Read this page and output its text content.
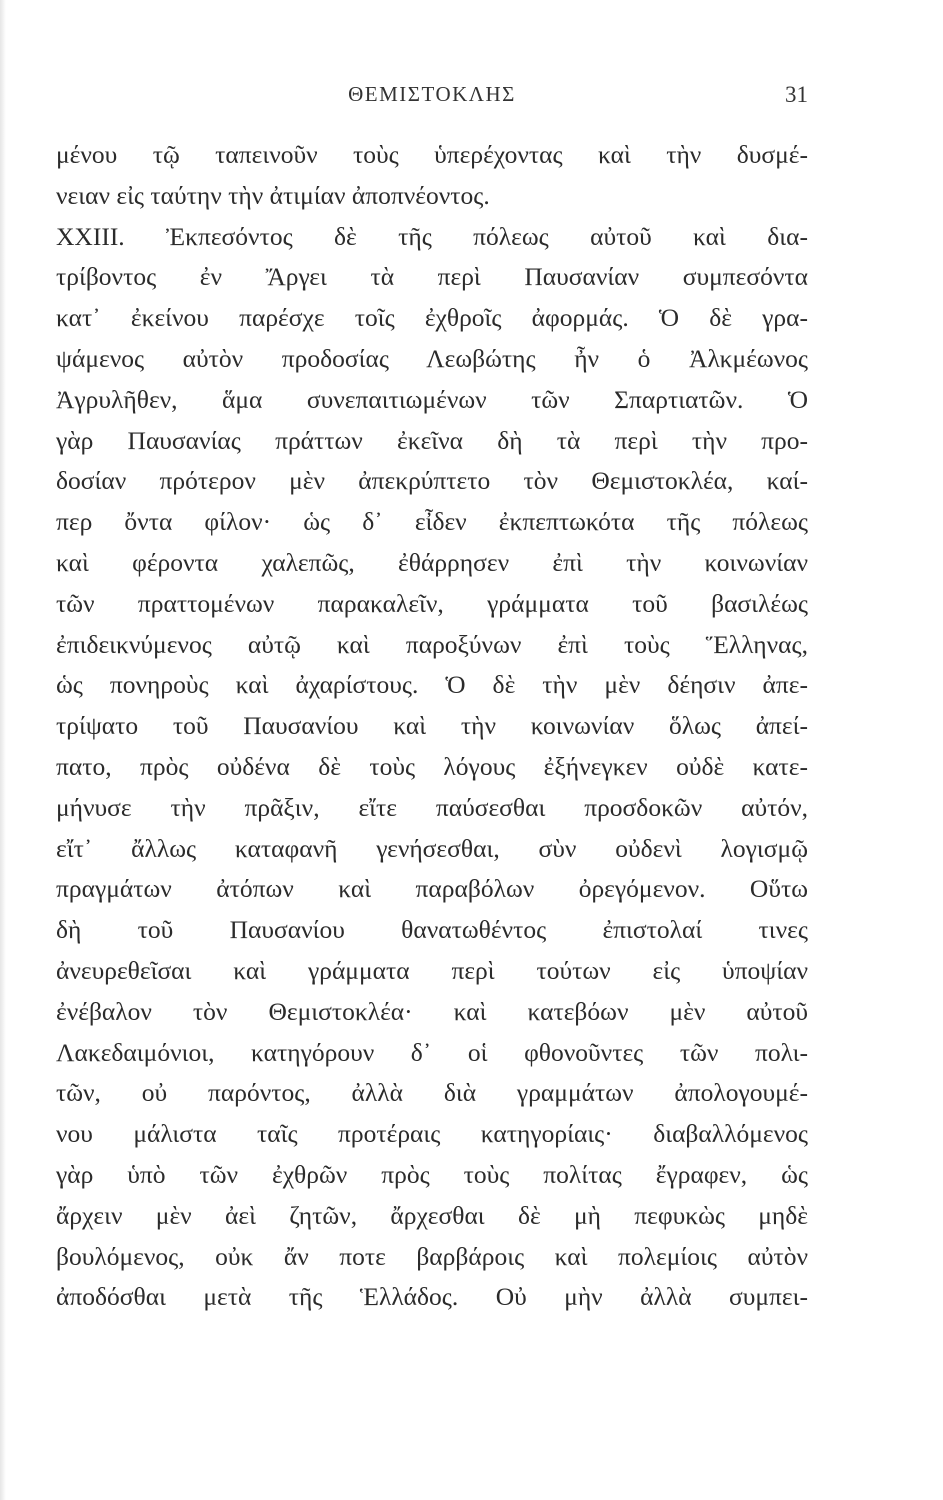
ΘΕΜΙΣΤΟΚΛΗΣ	31
μένου τῷ ταπεινοῦν τοὺς ὑπερέχοντας καὶ τὴν δυσμέ-
νειαν εἰς ταύτην τὴν ἀτιμίαν ἀποπνέοντος.
XXIII. Ἐκπεσόντος δὲ τῆς πόλεως αὐτοῦ καὶ δια-
τρίβοντος ἐν Ἄργει τὰ περὶ Παυσανίαν συμπεσόντα
κατ᾽ ἐκείνου παρέσχε τοῖς ἐχθροῖς ἀφορμάς. Ὁ δὲ γρα-
ψάμενος αὐτὸν προδοσίας Λεωβώτης ἦν ὁ Ἀλκμέωνος
Ἀγρυλῆθεν, ἅμα συνεπαιτιωμένων τῶν Σπαρτιατῶν. Ὁ
γὰρ Παυσανίας πράττων ἐκεῖνα δὴ τὰ περὶ τὴν προ-
δοσίαν πρότερον μὲν ἀπεκρύπτετο τὸν Θεμιστοκλέα, καί-
περ ὄντα φίλον· ὡς δ᾽ εἶδεν ἐκπεπτωκότα τῆς πόλεως
καὶ φέροντα χαλεπῶς, ἐθάρρησεν ἐπὶ τὴν κοινωνίαν
τῶν πραττομένων παρακαλεῖν, γράμματα τοῦ βασιλέως
ἐπιδεικνύμενος αὐτῷ καὶ παροξύνων ἐπὶ τοὺς Ἕλληνας,
ὡς πονηροὺς καὶ ἀχαρίστους. Ὁ δὲ τὴν μὲν δέησιν ἀπε-
τρίψατο τοῦ Παυσανίου καὶ τὴν κοινωνίαν ὅλως ἀπεί-
πατο, πρὸς οὐδένα δὲ τοὺς λόγους ἐξήνεγκεν οὐδὲ κατε-
μήνυσε τὴν πρᾶξιν, εἴτε παύσεσθαι προσδοκῶν αὐτόν,
εἴτ᾽ ἄλλως καταφανῆ γενήσεσθαι, σὺν οὐδενὶ λογισμῷ
πραγμάτων ἀτόπων καὶ παραβόλων ὀρεγόμενον. Οὕτω
δὴ τοῦ Παυσανίου θανατωθέντος ἐπιστολαί τινες
ἀνευρεθεῖσαι καὶ γράμματα περὶ τούτων εἰς ὑποψίαν
ἐνέβαλον τὸν Θεμιστοκλέα· καὶ κατεβόων μὲν αὐτοῦ
Λακεδαιμόνιοι, κατηγόρουν δ᾽ οἱ φθονοῦντες τῶν πολι-
τῶν, οὐ παρόντος, ἀλλὰ διὰ γραμμάτων ἀπολογουμέ-
νου μάλιστα ταῖς προτέραις κατηγορίαις· διαβαλλόμενος
γὰρ ὑπὸ τῶν ἐχθρῶν πρὸς τοὺς πολίτας ἔγραφεν, ὡς
ἄρχειν μὲν ἀεὶ ζητῶν, ἄρχεσθαι δὲ μὴ πεφυκὼς μηδὲ
βουλόμενος, οὐκ ἄν ποτε βαρβάροις καὶ πολεμίοις αὐτὸν
ἀποδόσθαι μετὰ τῆς Ἑλλάδος. Οὐ μὴν ἀλλὰ συμπει-
